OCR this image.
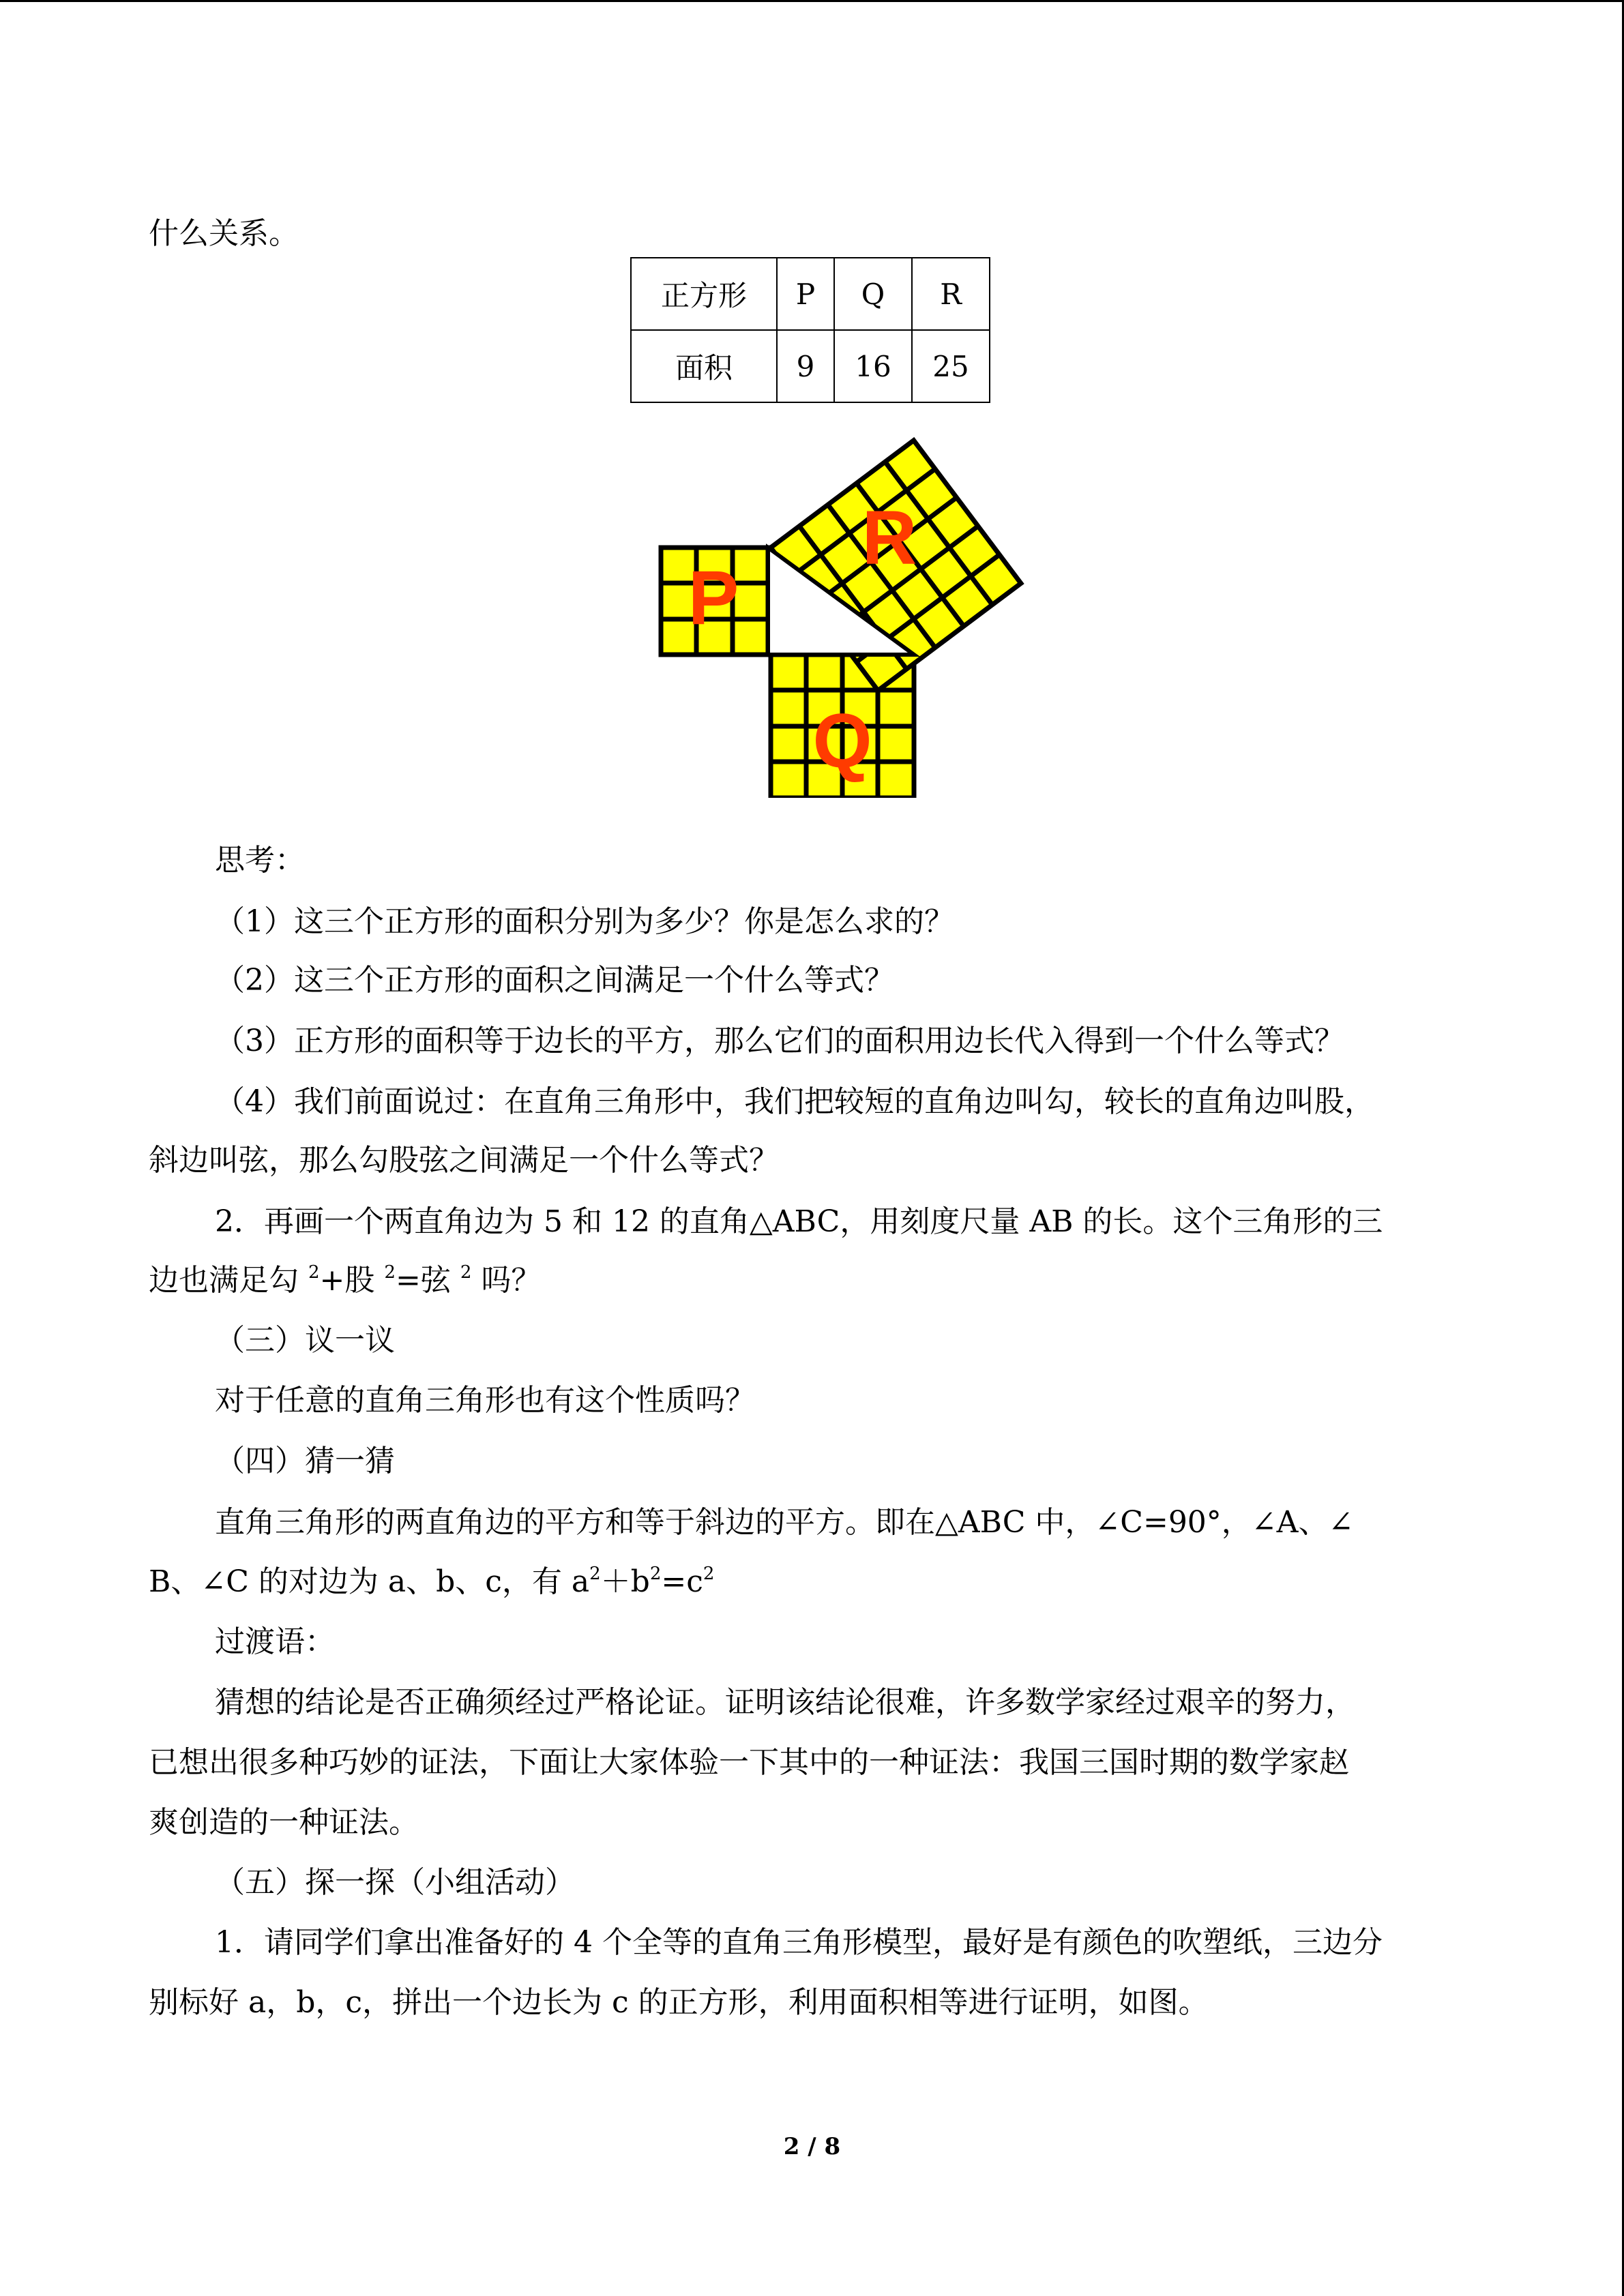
什么关系。
正方形	P	Q	R
面积	9	16	25
P
Q
R
思考：
（1）这三个正方形的面积分别为多少？你是怎么求的？
（2）这三个正方形的面积之间满足一个什么等式？
（3）正方形的面积等于边长的平方，那么它们的面积用边长代入得到一个什么等式？
（4）我们前面说过：在直角三角形中，我们把较短的直角边叫勾，较长的直角边叫股，
斜边叫弦，那么勾股弦之间满足一个什么等式？
2．再画一个两直角边为 5 和 12 的直角△ABC，用刻度尺量 AB 的长。这个三角形的三
边也满足勾 $^2$+股 $^2$=弦 $^2$ 吗？
（三）议一议
对于任意的直角三角形也有这个性质吗？
（四）猜一猜
直角三角形的两直角边的平方和等于斜边的平方。即在△ABC 中，∠C=90°，∠A、∠
B、∠C 的对边为 a、b、c，有 $a^2+b^2=c^2$
过渡语：
猜想的结论是否正确须经过严格论证。证明该结论很难，许多数学家经过艰辛的努力，
已想出很多种巧妙的证法，下面让大家体验一下其中的一种证法：我国三国时期的数学家赵
爽创造的一种证法。
（五）探一探（小组活动）
1．请同学们拿出准备好的 4 个全等的直角三角形模型，最好是有颜色的吹塑纸，三边分
别标好 a，b，c，拼出一个边长为 c 的正方形，利用面积相等进行证明，如图。
2 / 8
